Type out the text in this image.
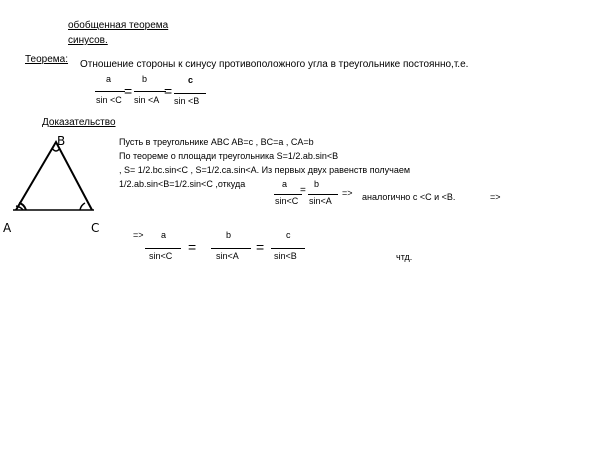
обобщенная теорема
синусов.
Теорема: Отношение стороны к синусу противоположного угла в треугольнике постоянно,т.е.
a
sin <C
=
b
sin <A
=
c
sin <B
Доказательство
B
A	C
Пусть в треугольнике ABC AB=c , BC=a , CA=b
По теореме о площади треугольника S=1/2.ab.sin<B
, S= 1/2.bc.sin<C , S=1/2.ca.sin<A. Из первых двух равенств получаем
1/2.ab.sin<B=1/2.sin<C ,откуда	a
sin<C
=
b
sin<A
=> аналогично с <C и <B.	=>
=> a
sin<C
=
b
sin<A
=
c
sin<B	чтд.
